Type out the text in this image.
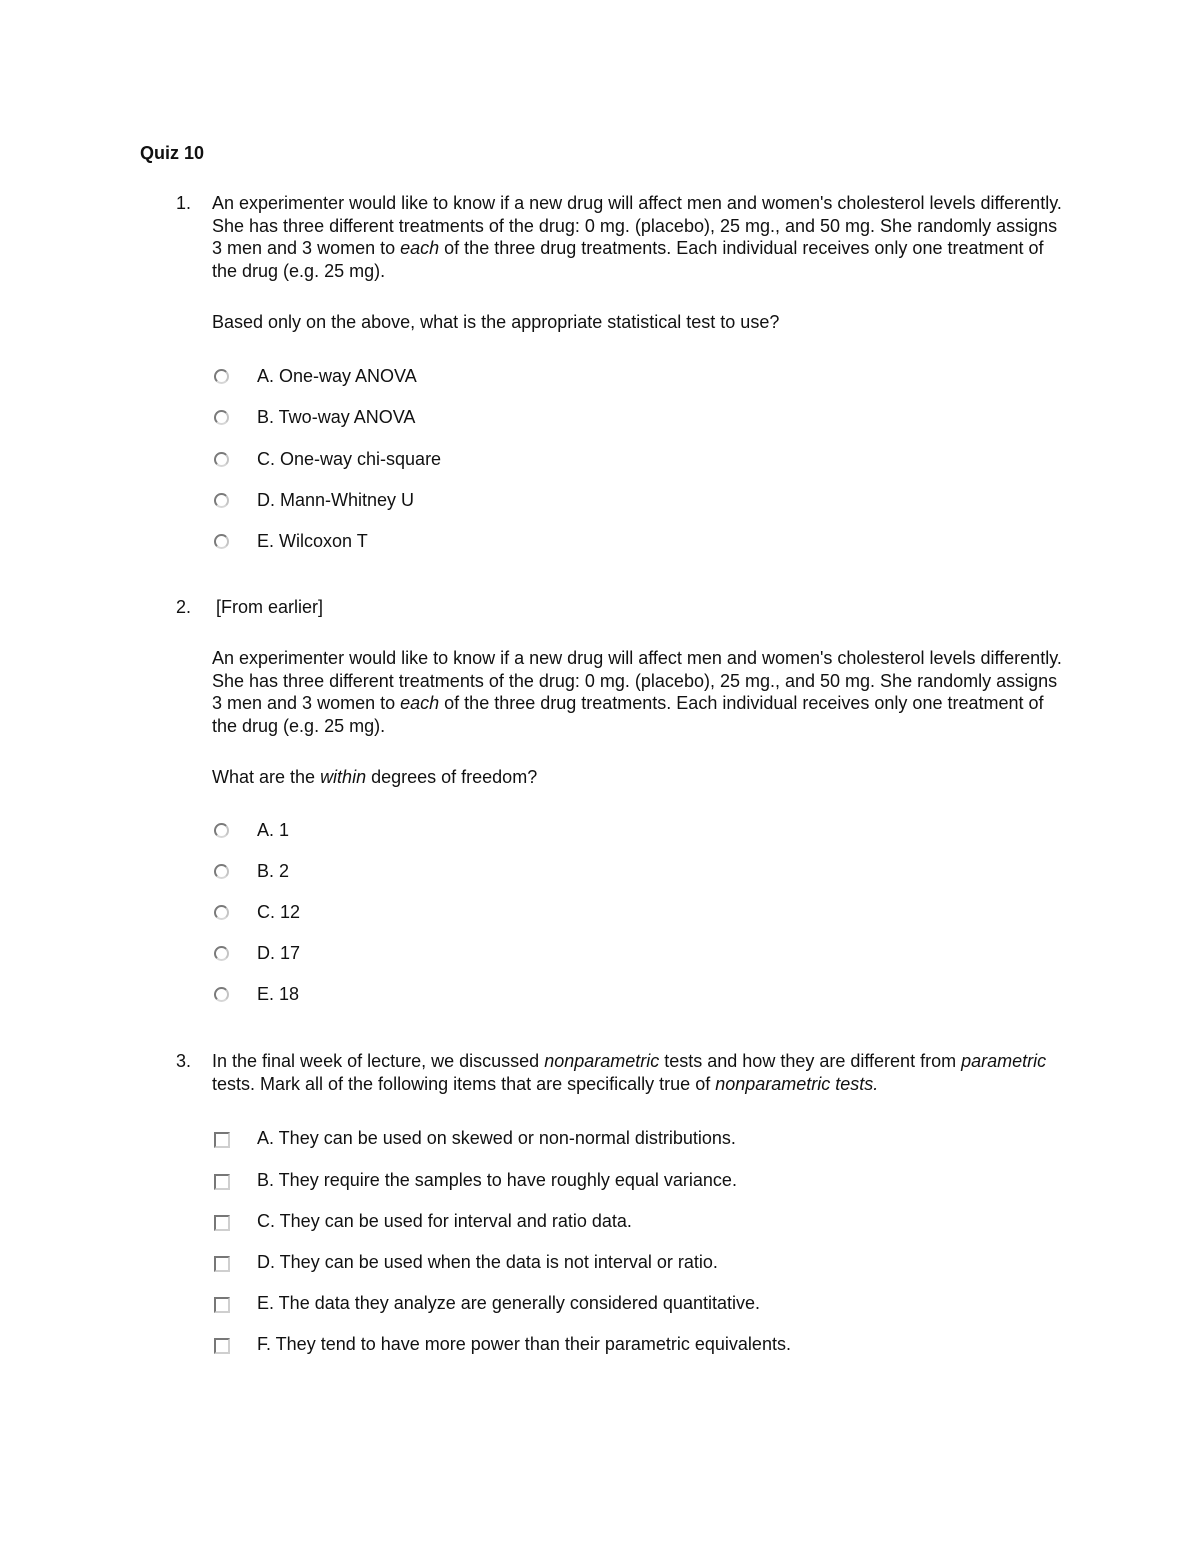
Quiz 10
1. An experimenter would like to know if a new drug will affect men and women's cholesterol levels differently. She has three different treatments of the drug: 0 mg. (placebo), 25 mg., and 50 mg. She randomly assigns 3 men and 3 women to each of the three drug treatments. Each individual receives only one treatment of the drug (e.g. 25 mg).

Based only on the above, what is the appropriate statistical test to use?

A. One-way ANOVA
B. Two-way ANOVA
C. One-way chi-square
D. Mann-Whitney U
E. Wilcoxon T
2. [From earlier]

An experimenter would like to know if a new drug will affect men and women's cholesterol levels differently. She has three different treatments of the drug: 0 mg. (placebo), 25 mg., and 50 mg. She randomly assigns 3 men and 3 women to each of the three drug treatments. Each individual receives only one treatment of the drug (e.g. 25 mg).

What are the within degrees of freedom?

A. 1
B. 2
C. 12
D. 17
E. 18
3. In the final week of lecture, we discussed nonparametric tests and how they are different from parametric tests. Mark all of the following items that are specifically true of nonparametric tests.

A. They can be used on skewed or non-normal distributions.
B. They require the samples to have roughly equal variance.
C. They can be used for interval and ratio data.
D. They can be used when the data is not interval or ratio.
E. The data they analyze are generally considered quantitative.
F. They tend to have more power than their parametric equivalents.
